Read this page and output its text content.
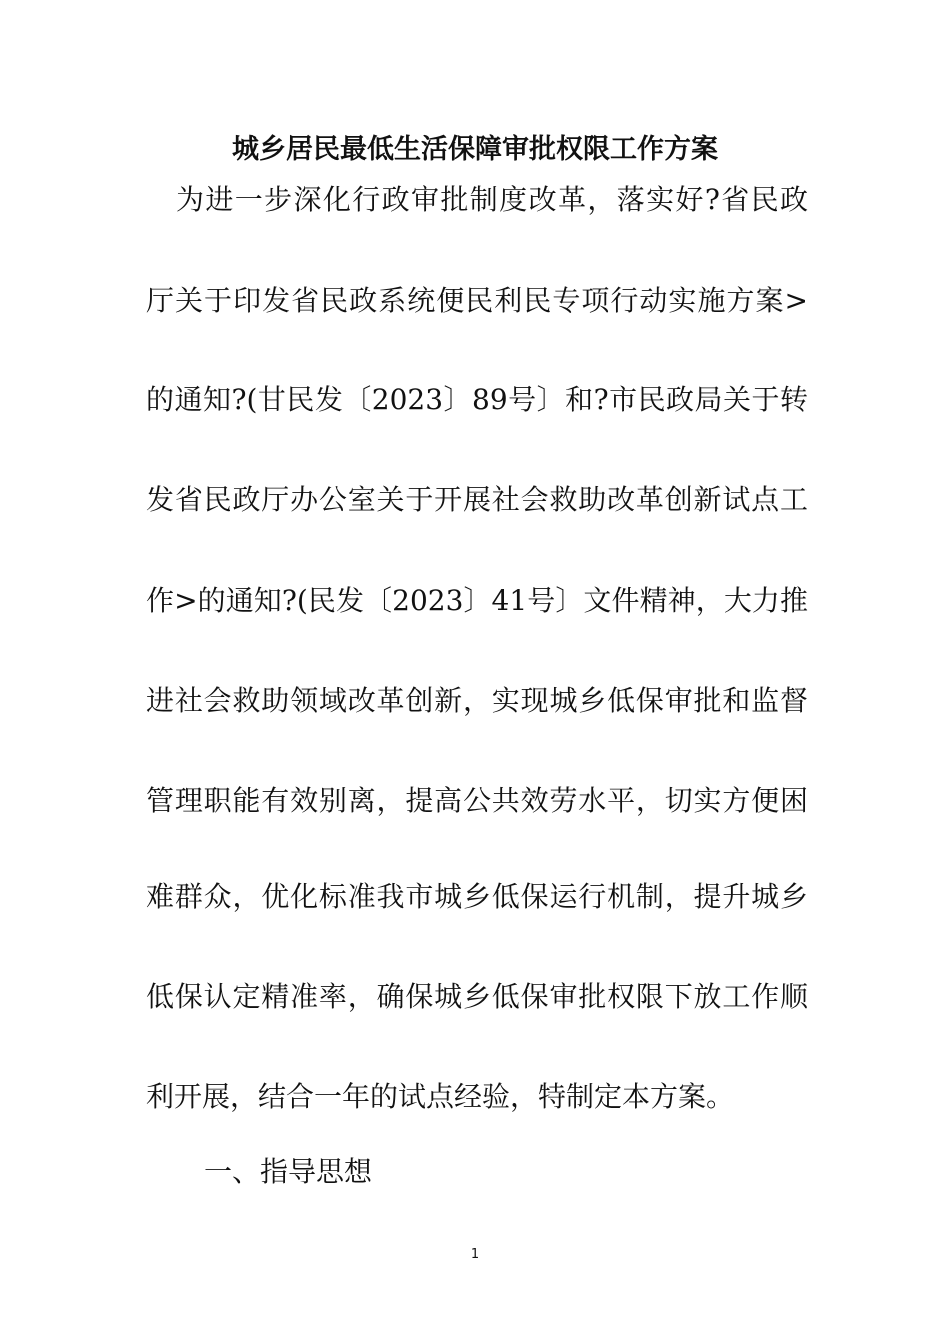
城乡居民最低生活保障审批权限工作方案
为进一步深化行政审批制度改革，落实好?省民政
厅关于印发省民政系统便民利民专项行动实施方案>
的通知?(甘民发〔2023〕89号〕和?市民政局关于转
发省民政厅办公室关于开展社会救助改革创新试点工
作>的通知?(民发〔2023〕41号〕文件精神，大力推
进社会救助领域改革创新，实现城乡低保审批和监督
管理职能有效别离，提高公共效劳水平，切实方便困
难群众，优化标准我市城乡低保运行机制，提升城乡
低保认定精准率，确保城乡低保审批权限下放工作顺
利开展，结合一年的试点经验，特制定本方案。
一、指导思想
1
